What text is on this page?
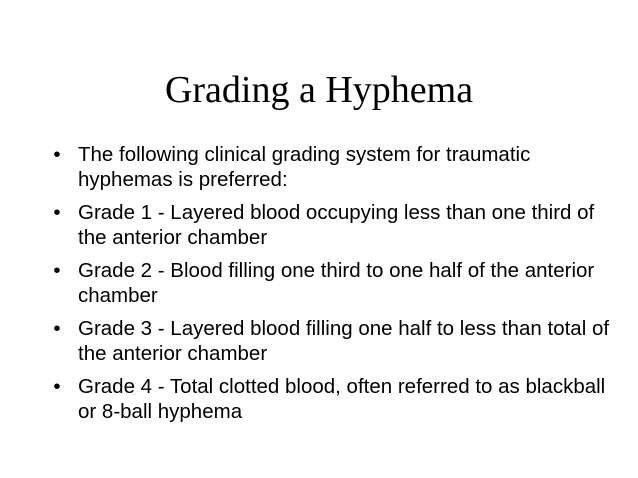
Grading a Hyphema
• The following clinical grading system for traumatic hyphemas is preferred:
• Grade 1 - Layered blood occupying less than one third of the anterior chamber
• Grade 2 - Blood filling one third to one half of the anterior chamber
• Grade 3 - Layered blood filling one half to less than total of the anterior chamber
• Grade 4 - Total clotted blood, often referred to as blackball or 8-ball hyphema
